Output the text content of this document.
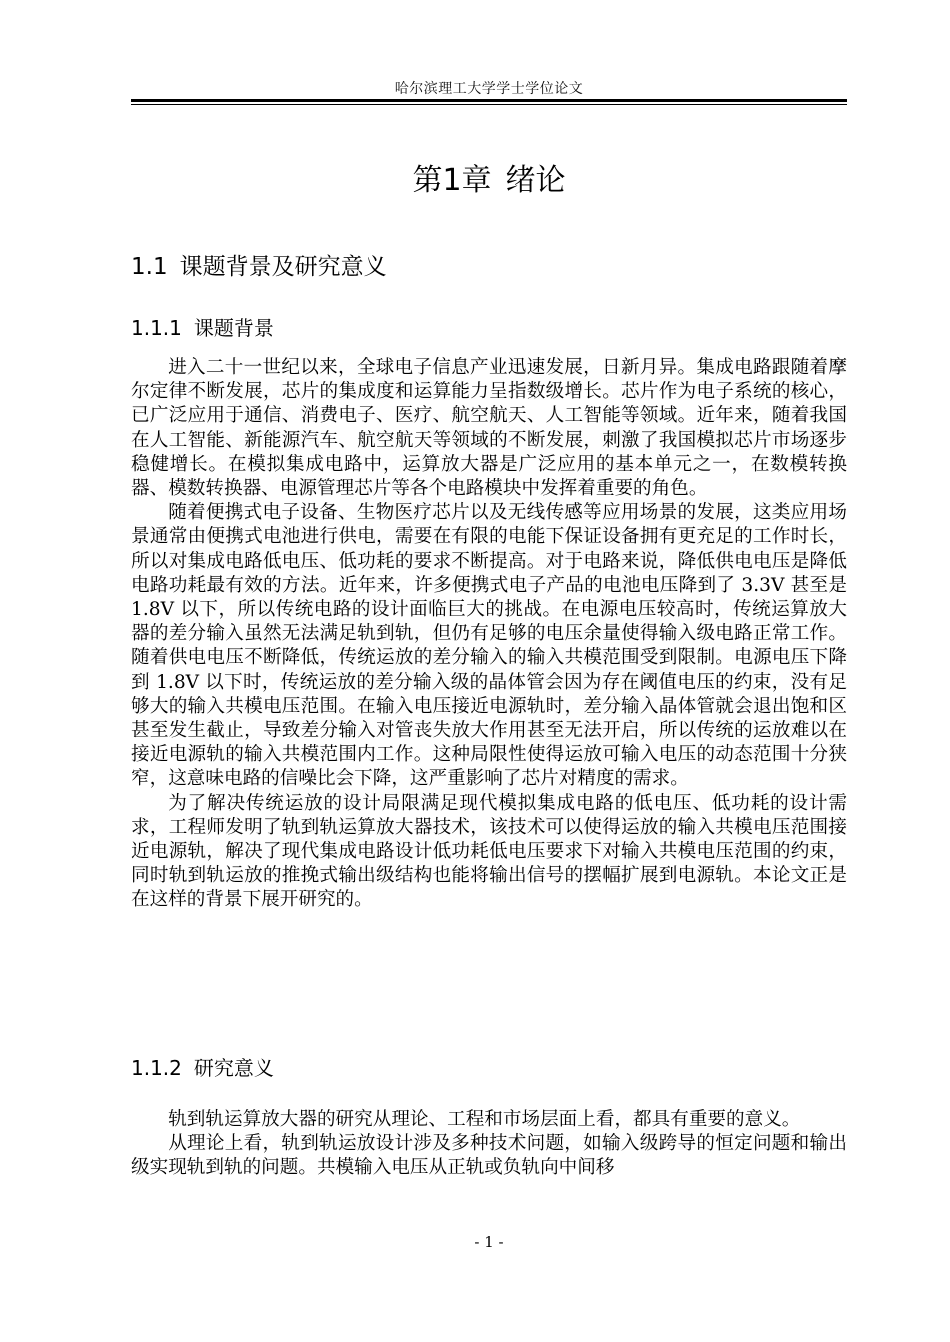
哈尔滨理工大学学士学位论文
第1章 绪论
1.1 课题背景及研究意义
1.1.1 课题背景

进入二十一世纪以来，全球电子信息产业迅速发展，日新月异。集成电路跟随着摩尔定律不断发展，芯片的集成度和运算能力呈指数级增长。芯片作为电子系统的核心，已广泛应用于通信、消费电子、医疗、航空航天、人工智能等领域。近年来，随着我国在人工智能、新能源汽车、航空航天等领域的不断发展，刺激了我国模拟芯片市场逐步稳健增长。在模拟集成电路中，运算放大器是广泛应用的基本单元之一，在数模转换器、模数转换器、电源管理芯片等各个电路模块中发挥着重要的角色。

随着便携式电子设备、生物医疗芯片以及无线传感等应用场景的发展，这类应用场景通常由便携式电池进行供电，需要在有限的电能下保证设备拥有更充足的工作时长，所以对集成电路低电压、低功耗的要求不断提高。对于电路来说，降低供电电压是降低电路功耗最有效的方法。近年来，许多便携式电子产品的电池电压降到了 3.3V 甚至是 1.8V 以下，所以传统电路的设计面临巨大的挑战。在电源电压较高时，传统运算放大器的差分输入虽然无法满足轨到轨，但仍有足够的电压余量使得输入级电路正常工作。随着供电电压不断降低，传统运放的差分输入的输入共模范围受到限制。电源电压下降到 1.8V 以下时，传统运放的差分输入级的晶体管会因为存在阈值电压的约束，没有足够大的输入共模电压范围。在输入电压接近电源轨时，差分输入晶体管就会退出饱和区甚至发生截止，导致差分输入对管丧失放大作用甚至无法开启，所以传统的运放难以在接近电源轨的输入共模范围内工作。这种局限性使得运放可输入电压的动态范围十分狭窄，这意味电路的信噪比会下降，这严重影响了芯片对精度的需求。

为了解决传统运放的设计局限满足现代模拟集成电路的低电压、低功耗的设计需求，工程师发明了轨到轨运算放大器技术，该技术可以使得运放的输入共模电压范围接近电源轨，解决了现代集成电路设计低功耗低电压要求下对输入共模电压范围的约束，同时轨到轨运放的推挽式输出级结构也能将输出信号的摆幅扩展到电源轨。本论文正是在这样的背景下展开研究的。

1.1.2 研究意义

轨到轨运算放大器的研究从理论、工程和市场层面上看，都具有重要的意义。

从理论上看，轨到轨运放设计涉及多种技术问题，如输入级跨导的恒定问题和输出级实现轨到轨的问题。共模输入电压从正轨或负轨向中间移

- 1 -
